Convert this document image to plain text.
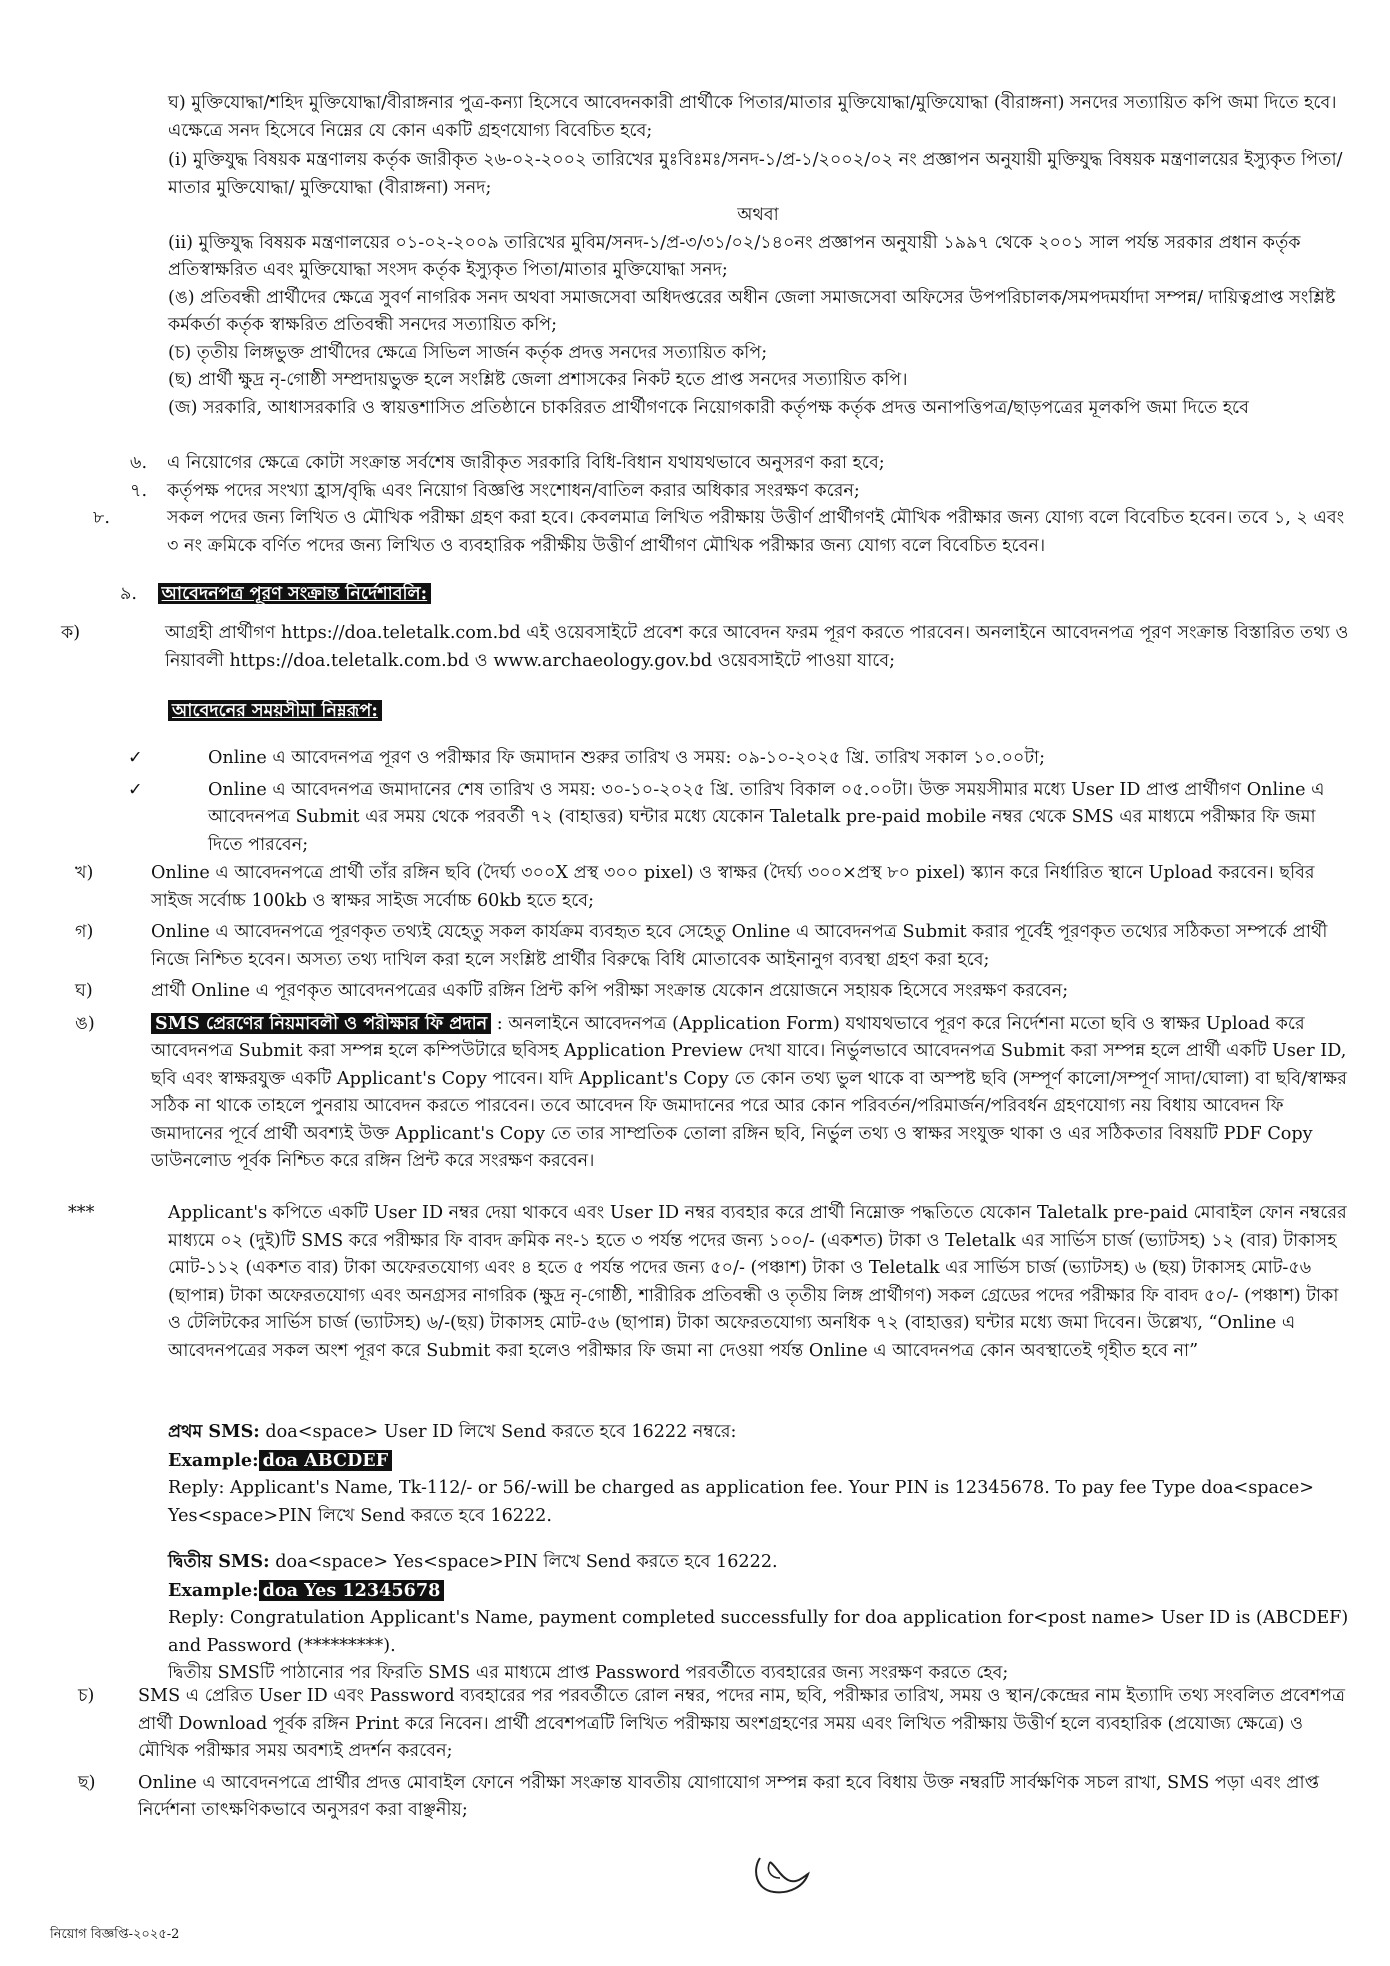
ঘ) মুক্তিযোদ্ধা/শহিদ মুক্তিযোদ্ধা/বীরাঙ্গনার পুত্র-কন্যা হিসেবে আবেদনকারী প্রার্থীকে পিতার/মাতার মুক্তিযোদ্ধা/মুক্তিযোদ্ধা (বীরাঙ্গনা) সনদের সত্যায়িত কপি জমা দিতে হবে। এক্ষেত্রে সনদ হিসেবে নিম্নের যে কোন একটি গ্রহণযোগ্য বিবেচিত হবে;

(i) মুক্তিযুদ্ধ বিষয়ক মন্ত্রণালয় কর্তৃক জারীকৃত ২৬-০২-২০০২ তারিখের মুঃবিঃমঃ/সনদ-১/প্র-১/২০০২/০২ নং প্রজ্ঞাপন অনুযায়ী মুক্তিযুদ্ধ বিষয়ক মন্ত্রণালয়ের ইস্যুকৃত পিতা/মাতার মুক্তিযোদ্ধা/ মুক্তিযোদ্ধা (বীরাঙ্গনা) সনদ;

অথবা

(ii) মুক্তিযুদ্ধ বিষয়ক মন্ত্রণালয়ের ০১-০২-২০০৯ তারিখের মুবিম/সনদ-১/প্র-৩/৩১/০২/১৪০নং প্রজ্ঞাপন অনুযায়ী ১৯৯৭ থেকে ২০০১ সাল পর্যন্ত সরকার প্রধান কর্তৃক প্রতিস্বাক্ষরিত এবং মুক্তিযোদ্ধা সংসদ কর্তৃক ইস্যুকৃত পিতা/মাতার মুক্তিযোদ্ধা সনদ;

(ঙ) প্রতিবন্ধী প্রার্থীদের ক্ষেত্রে সুবর্ণ নাগরিক সনদ অথবা সমাজসেবা অধিদপ্তরের অধীন জেলা সমাজসেবা অফিসের উপপরিচালক/সমপদমর্যাদা সম্পন্ন/ দায়িত্বপ্রাপ্ত সংশ্লিষ্ট কর্মকর্তা কর্তৃক স্বাক্ষরিত প্রতিবন্ধী সনদের সত্যায়িত কপি;

(চ) তৃতীয় লিঙ্গভুক্ত প্রার্থীদের ক্ষেত্রে সিভিল সার্জন কর্তৃক প্রদত্ত সনদের সত্যায়িত কপি;

(ছ) প্রার্থী ক্ষুদ্র নৃ-গোষ্ঠী সম্প্রদায়ভুক্ত হলে সংশ্লিষ্ট জেলা প্রশাসকের নিকট হতে প্রাপ্ত সনদের সত্যায়িত কপি।

(জ) সরকারি, আধাসরকারি ও স্বায়ত্তশাসিত প্রতিষ্ঠানে চাকরিরত প্রার্থীগণকে নিয়োগকারী কর্তৃপক্ষ কর্তৃক প্রদত্ত অনাপত্তিপত্র/ছাড়পত্রের মূলকপি জমা দিতে হবে

৬. এ নিয়োগের ক্ষেত্রে কোটা সংক্রান্ত সর্বশেষ জারীকৃত সরকারি বিধি-বিধান যথাযথভাবে অনুসরণ করা হবে;

৭. কর্তৃপক্ষ পদের সংখ্যা হ্রাস/বৃদ্ধি এবং নিয়োগ বিজ্ঞপ্তি সংশোধন/বাতিল করার অধিকার সংরক্ষণ করেন;

৮.	সকল পদের জন্য লিখিত ও মৌখিক পরীক্ষা গ্রহণ করা হবে। কেবলমাত্র লিখিত পরীক্ষায় উত্তীর্ণ প্রার্থীগণই মৌখিক পরীক্ষার জন্য যোগ্য বলে বিবেচিত হবেন। তবে ১, ২ এবং ৩ নং ক্রমিকে বর্ণিত পদের জন্য লিখিত ও ব্যবহারিক পরীক্ষীয় উত্তীর্ণ প্রার্থীগণ মৌখিক পরীক্ষার জন্য যোগ্য বলে বিবেচিত হবেন।

৯. আবেদনপত্র পূরণ সংক্রান্ত নির্দেশাবলি:

ক)	আগ্রহী প্রার্থীগণ https://doa.teletalk.com.bd এই ওয়েবসাইটে প্রবেশ করে আবেদন ফরম পূরণ করতে পারবেন। অনলাইনে আবেদনপত্র পূরণ সংক্রান্ত বিস্তারিত তথ্য ও নিয়াবলী https://doa.teletalk.com.bd ও www.archaeology.gov.bd ওয়েবসাইটে পাওয়া যাবে;

আবেদনের সময়সীমা নিম্নরূপ:

✓	Online এ আবেদনপত্র পূরণ ও পরীক্ষার ফি জমাদান শুরুর তারিখ ও সময়: ০৯-১০-২০২৫ খ্রি. তারিখ সকাল ১০.০০টা;

✓	Online এ আবেদনপত্র জমাদানের শেষ তারিখ ও সময়: ৩০-১০-২০২৫ খ্রি. তারিখ বিকাল ০৫.০০টা। উক্ত সময়সীমার মধ্যে User ID প্রাপ্ত প্রার্থীগণ Online এ আবেদনপত্র Submit এর সময় থেকে পরবর্তী ৭২ (বাহাত্তর) ঘন্টার মধ্যে যেকোন Taletalk pre-paid mobile নম্বর থেকে SMS এর মাধ্যমে পরীক্ষার ফি জমা দিতে পারবেন;

খ)	Online এ আবেদনপত্রে প্রার্থী তাঁর রঙ্গিন ছবি (দৈর্ঘ্য ৩০০X প্রস্থ ৩০০ pixel) ও স্বাক্ষর (দৈর্ঘ্য ৩০০×প্রস্থ ৮০ pixel) স্ক্যান করে নির্ধারিত স্থানে Upload করবেন। ছবির সাইজ সর্বোচ্চ 100kb ও স্বাক্ষর সাইজ সর্বোচ্চ 60kb হতে হবে;

গ)	Online এ আবেদনপত্রে পূরণকৃত তথ্যই যেহেতু সকল কার্যক্রম ব্যবহৃত হবে সেহেতু Online এ আবেদনপত্র Submit করার পূর্বেই পূরণকৃত তথ্যের সঠিকতা সম্পর্কে প্রার্থী নিজে নিশ্চিত হবেন। অসত্য তথ্য দাখিল করা হলে সংশ্লিষ্ট প্রার্থীর বিরুদ্ধে বিধি মোতাবেক আইনানুগ ব্যবস্থা গ্রহণ করা হবে;

ঘ)	প্রার্থী Online এ পূরণকৃত আবেদনপত্রের একটি রঙ্গিন প্রিন্ট কপি পরীক্ষা সংক্রান্ত যেকোন প্রয়োজনে সহায়ক হিসেবে সংরক্ষণ করবেন;

ঙ)	SMS প্রেরণের নিয়মাবলী ও পরীক্ষার ফি প্রদান : অনলাইনে আবেদনপত্র (Application Form) যথাযথভাবে পূরণ করে নির্দেশনা মতো ছবি ও স্বাক্ষর Upload করে আবেদনপত্র Submit করা সম্পন্ন হলে কম্পিউটারে ছবিসহ Application Preview দেখা যাবে। নির্ভুলভাবে আবেদনপত্র Submit করা সম্পন্ন হলে প্রার্থী একটি User ID, ছবি এবং স্বাক্ষরযুক্ত একটি Applicant's Copy পাবেন। যদি Applicant's Copy তে কোন তথ্য ভুল থাকে বা অস্পষ্ট ছবি (সম্পূর্ণ কালো/সম্পূর্ণ সাদা/ঘোলা) বা ছবি/স্বাক্ষর সঠিক না থাকে তাহলে পুনরায় আবেদন করতে পারবেন। তবে আবেদন ফি জমাদানের পরে আর কোন পরিবর্তন/পরিমার্জন/পরিবর্ধন গ্রহণযোগ্য নয় বিধায় আবেদন ফি জমাদানের পূর্বে প্রার্থী অবশ্যই উক্ত Applicant's Copy তে তার সাম্প্রতিক তোলা রঙ্গিন ছবি, নির্ভুল তথ্য ও স্বাক্ষর সংযুক্ত থাকা ও এর সঠিকতার বিষয়টি PDF Copy ডাউনলোড পূর্বক নিশ্চিত করে রঙ্গিন প্রিন্ট করে সংরক্ষণ করবেন।

***	Applicant's কপিতে একটি User ID নম্বর দেয়া থাকবে এবং User ID নম্বর ব্যবহার করে প্রার্থী নিম্নোক্ত পদ্ধতিতে যেকোন Taletalk pre-paid মোবাইল ফোন নম্বরের মাধ্যমে ০২ (দুই)টি SMS করে পরীক্ষার ফি বাবদ ক্রমিক নং-১ হতে ৩ পর্যন্ত পদের জন্য ১০০/- (একশত) টাকা ও Teletalk এর সার্ভিস চার্জ (ভ্যাটসহ) ১২ (বার) টাকাসহ মোট-১১২ (একশত বার) টাকা অফেরতযোগ্য এবং ৪ হতে ৫ পর্যন্ত পদের জন্য ৫০/- (পঞ্চাশ) টাকা ও Teletalk এর সার্ভিস চার্জ (ভ্যাটসহ) ৬ (ছয়) টাকাসহ মোট-৫৬ (ছাপান্ন) টাকা অফেরতযোগ্য এবং অনগ্রসর নাগরিক (ক্ষুদ্র নৃ-গোষ্ঠী, শারীরিক প্রতিবন্ধী ও তৃতীয় লিঙ্গ প্রার্থীগণ) সকল গ্রেডের পদের পরীক্ষার ফি বাবদ ৫০/- (পঞ্চাশ) টাকা ও টেলিটকের সার্ভিস চার্জ (ভ্যাটসহ) ৬/-(ছয়) টাকাসহ মোট-৫৬ (ছাপান্ন) টাকা অফেরতযোগ্য অনধিক ৭২ (বাহাত্তর) ঘন্টার মধ্যে জমা দিবেন। উল্লেখ্য, “Online এ আবেদনপত্রের সকল অংশ পূরণ করে Submit করা হলেও পরীক্ষার ফি জমা না দেওয়া পর্যন্ত Online এ আবেদনপত্র কোন অবস্থাতেই গৃহীত হবে না”

প্রথম SMS: doa<space> User ID লিখে Send করতে হবে 16222 নম্বরে:

Example: doa ABCDEF

Reply: Applicant's Name, Tk-112/- or 56/-will be charged as application fee. Your PIN is 12345678. To pay fee Type doa<space> Yes<space>PIN লিখে Send করতে হবে 16222.

দ্বিতীয় SMS: doa<space> Yes<space>PIN লিখে Send করতে হবে 16222.

Example: doa Yes 12345678

Reply: Congratulation Applicant's Name, payment completed successfully for doa application for<post name> User ID is (ABCDEF) and Password (*********).

দ্বিতীয় SMSটি পাঠানোর পর ফিরতি SMS এর মাধ্যমে প্রাপ্ত Password পরবর্তীতে ব্যবহারের জন্য সংরক্ষণ করতে হেব;

চ) SMS এ প্রেরিত User ID এবং Password ব্যবহারের পর পরবর্তীতে রোল নম্বর, পদের নাম, ছবি, পরীক্ষার তারিখ, সময় ও স্থান/কেন্দ্রের নাম ইত্যাদি তথ্য সংবলিত প্রবেশপত্র প্রার্থী Download পূর্বক রঙ্গিন Print করে নিবেন। প্রার্থী প্রবেশপত্রটি লিখিত পরীক্ষায় অংশগ্রহণের সময় এবং লিখিত পরীক্ষায় উত্তীর্ণ হলে ব্যবহারিক (প্রযোজ্য ক্ষেত্রে) ও মৌখিক পরীক্ষার সময় অবশ্যই প্রদর্শন করবেন;

ছ) Online এ আবেদনপত্রে প্রার্থীর প্রদত্ত মোবাইল ফোনে পরীক্ষা সংক্রান্ত যাবতীয় যোগাযোগ সম্পন্ন করা হবে বিধায় উক্ত নম্বরটি সার্বক্ষণিক সচল রাখা, SMS পড়া এবং প্রাপ্ত নির্দেশনা তাৎক্ষণিকভাবে অনুসরণ করা বাঞ্ছনীয়;

নিয়োগ বিজ্ঞপ্তি-২০২৫-2
